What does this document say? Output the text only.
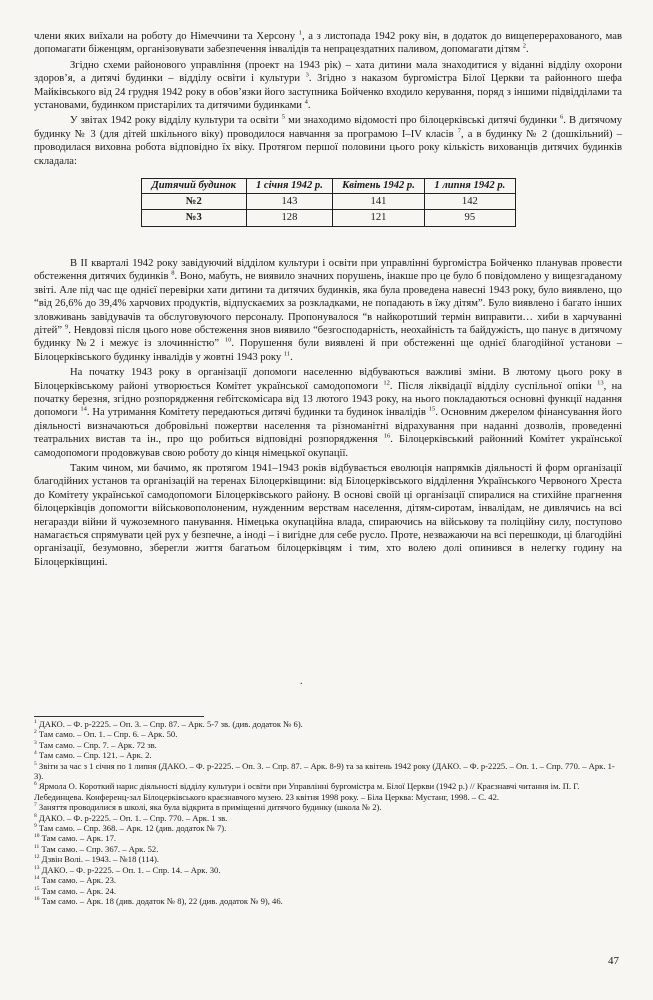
члени яких виїхали на роботу до Німеччини та Херсону $^1$, а з листопада 1942 року він, в додаток до вищеперерахованого, мав допомагати біженцям, організовувати забезпечення інвалідів та непрацездатних паливом, допомагати дітям $^2$.

Згідно схеми районового управління (проект на 1943 рік) – хата дитини мала знаходитися у віданні відділу охорони здоров’я, а дитячі будинки – відділу освіти і культури $^3$. Згідно з наказом бургомістра Білої Церкви та районного шефа Майківського від 24 грудня 1942 року в обов’язки його заступника Бойченко входило керування, поряд з іншими підвідділами та установами, будинком пристарілих та дитячими будинками $^4$.

У звітах 1942 року відділу культури та освіти $^5$ ми знаходимо відомості про білоцерківські дитячі будинки $^6$. В дитячому будинку № 3 (для дітей шкільного віку) проводилося навчання за програмою І–IV класів $^7$, а в будинку № 2 (дошкільний) – проводилася виховна робота відповідно їх віку. Протягом першої половини цього року кількість вихованців дитячих будинків складала:

Дитячий будинок	1 січня 1942 р.	Квітень 1942 р.	1 липня 1942 р.
№2	143	141	142
№3	128	121	95

В ІІ кварталі 1942 року завідуючий відділом культури і освіти при управлінні бургомістра Бойченко планував провести обстеження дитячих будинків $^8$. Воно, мабуть, не виявило значних порушень, інакше про це було б повідомлено у вищезгаданому звіті. Але під час ще однієї перевірки хати дитини та дитячих будинків, яка була проведена навесні 1943 року, було виявлено, що “від 26,6% до 39,4% харчових продуктів, відпускаємих за розкладками, не попадають в їжу дітям”. Було виявлено і багато інших зловживань завідувачів та обслуговуючого персоналу. Пропонувалося “в найкоротший термін виправити… хиби в харчуванні дітей” $^9$. Невдовзі після цього нове обстеження знов виявило “безгосподарність, неохайність та байдужість, що панує в дитячому будинку №2 і межує із злочинністю” $^{10}$. Порушення були виявлені й при обстеженні ще однієї благодійної установи – Білоцерківського будинку інвалідів у жовтні 1943 року $^{11}$.

На початку 1943 року в організації допомоги населенню відбуваються важливі зміни. В лютому цього року в Білоцерківському районі утворюється Комітет української самодопомоги $^{12}$. Після ліквідації відділу суспільної опіки $^{13}$, на початку березня, згідно розпорядження гебітскомісара від 13 лютого 1943 року, на нього покладаються основні функції надання допомоги $^{14}$. На утримання Комітету передаються дитячі будинки та будинок інвалідів $^{15}$. Основним джерелом фінансування його діяльності визначаються добровільні пожертви населення та різноманітні відрахування при наданні дозволів, проведенні театральних вистав та ін., про що робиться відповідні розпорядження $^{16}$. Білоцерківський районний Комітет української самодопомоги продовжував свою роботу до кінця німецької окупації.

Таким чином, ми бачимо, як протягом 1941–1943 років відбувається еволюція напрямків діяльності й форм організації благодійних установ та організацій на теренах Білоцерківщини: від Білоцерківського відділення Українського Червоного Хреста до Комітету української самодопомоги Білоцерківського району. В основі своїй ці організації спиралися на стихійне прагнення білоцерківців допомогти військовополоненим, нужденним верствам населення, дітям-сиротам, інвалідам, не дивлячись на всі негаразди війни й чужоземного панування. Німецька окупаційна влада, спираючись на військову та поліційну силу, поступово намагається спрямувати цей рух у безпечне, а іноді – і вигідне для себе русло. Проте, незважаючи на всі перешкоди, ці благодійні організації, безумовно, зберегли життя багатьом білоцерківцям і тим, хто волею долі опинився в нелегку годину на Білоцерківщині.

.

$^1$ ДАКО. – Ф. р-2225. – Оп. 3. – Спр. 87. – Арк. 5-7 зв. (див. додаток № 6).

$^2$ Там само. – Оп. 1. – Спр. 6. – Арк. 50.

$^3$ Там само. – Спр. 7. – Арк. 72 зв.

$^4$ Там само. – Спр. 121. – Арк. 2.

$^5$ Звіти за час з 1 січня по 1 липня (ДАКО. – Ф. р-2225. – Оп. 3. – Спр. 87. – Арк. 8-9) та за квітень 1942 року (ДАКО. – Ф. р-2225. – Оп. 1. – Спр. 770. – Арк. 1-3).

$^6$ Ярмола О. Короткий нарис діяльності відділу культури і освіти при Управлінні бургомістра м. Білої Церкви (1942 р.) // Краєзнавчі читання ім. П. Г. Лебединцева. Конференц-зал Білоцерківського краєзнавчого музею. 23 квітня 1998 року. – Біла Церква: Мустанг, 1998. – С. 42.

$^7$ Заняття проводилися в школі, яка була відкрита в приміщенні дитячого будинку (школа № 2).

$^8$ ДАКО. – Ф. р-2225. – Оп. 1. – Спр. 770. – Арк. 1 зв.

$^9$ Там само. – Спр. 368. – Арк. 12 (див. додаток № 7).

$^{10}$ Там само. – Арк. 17.

$^{11}$ Там само. – Спр. 367. – Арк. 52.

$^{12}$ Дзвін Волі. – 1943. – №18 (114).

$^{13}$ ДАКО. – Ф. р-2225. – Оп. 1. – Спр. 14. – Арк. 30.

$^{14}$ Там само. – Арк. 23.

$^{15}$ Там само. – Арк. 24.

$^{16}$ Там само. – Арк. 18 (див. додаток № 8), 22 (див. додаток № 9), 46.

47
